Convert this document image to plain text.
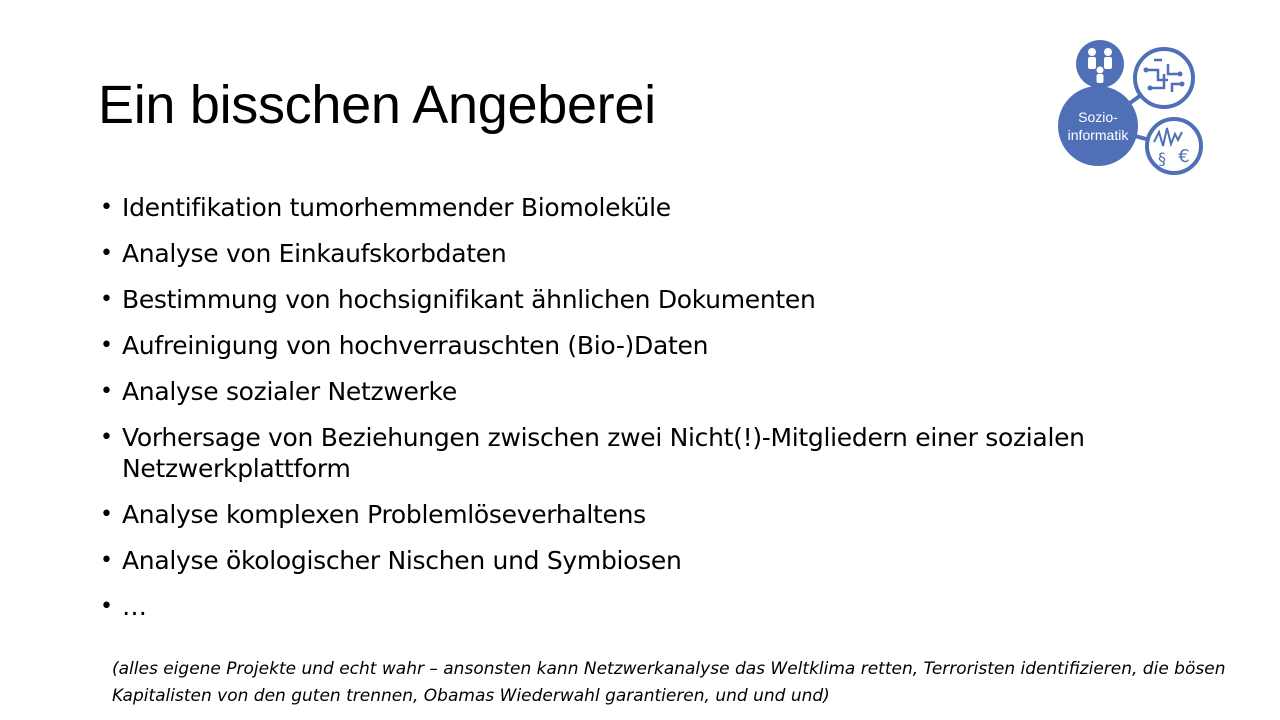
Ein bisschen Angeberei	Sozio-
informatik
§ €
• Identifikation tumorhemmender Biomoleküle
• Analyse von Einkaufskorbdaten
• Bestimmung von hochsignifikant ähnlichen Dokumenten
• Aufreinigung von hochverrauschten (Bio-)Daten
• Analyse sozialer Netzwerke
• Vorhersage von Beziehungen zwischen zwei Nicht(!)-Mitgliedern einer sozialen Netzwerkplattform
• Analyse komplexen Problemlöseverhaltens
• Analyse ökologischer Nischen und Symbiosen
• …

(alles eigene Projekte und echt wahr – ansonsten kann Netzwerkanalyse das Weltklima retten, Terroristen identifizieren, die bösen Kapitalisten von den guten trennen, Obamas Wiederwahl garantieren, und und und)
